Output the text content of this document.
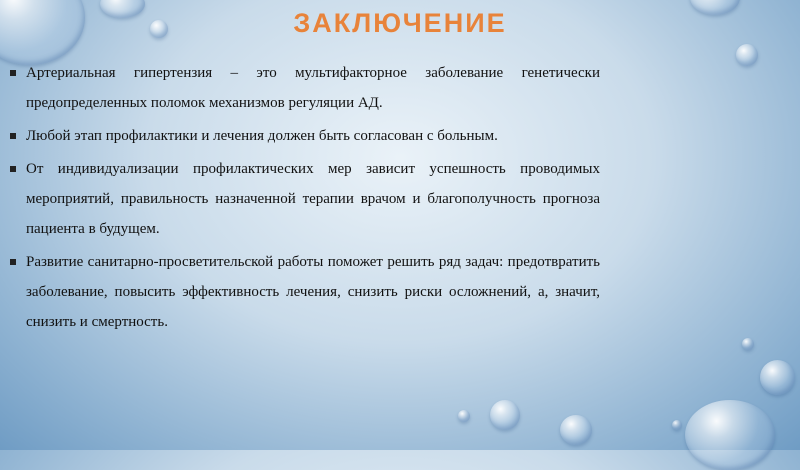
ЗАКЛЮЧЕНИЕ
Артериальная гипертензия – это мультифакторное заболевание генетически предопределенных поломок механизмов регуляции АД.
Любой этап профилактики и лечения должен быть согласован с больным.
От индивидуализации профилактических мер зависит успешность проводимых мероприятий, правильность назначенной терапии врачом и благополучность прогноза пациента в будущем.
Развитие санитарно-просветительской работы поможет решить ряд задач: предотвратить заболевание, повысить эффективность лечения, снизить риски осложнений, а, значит, снизить и смертность.
